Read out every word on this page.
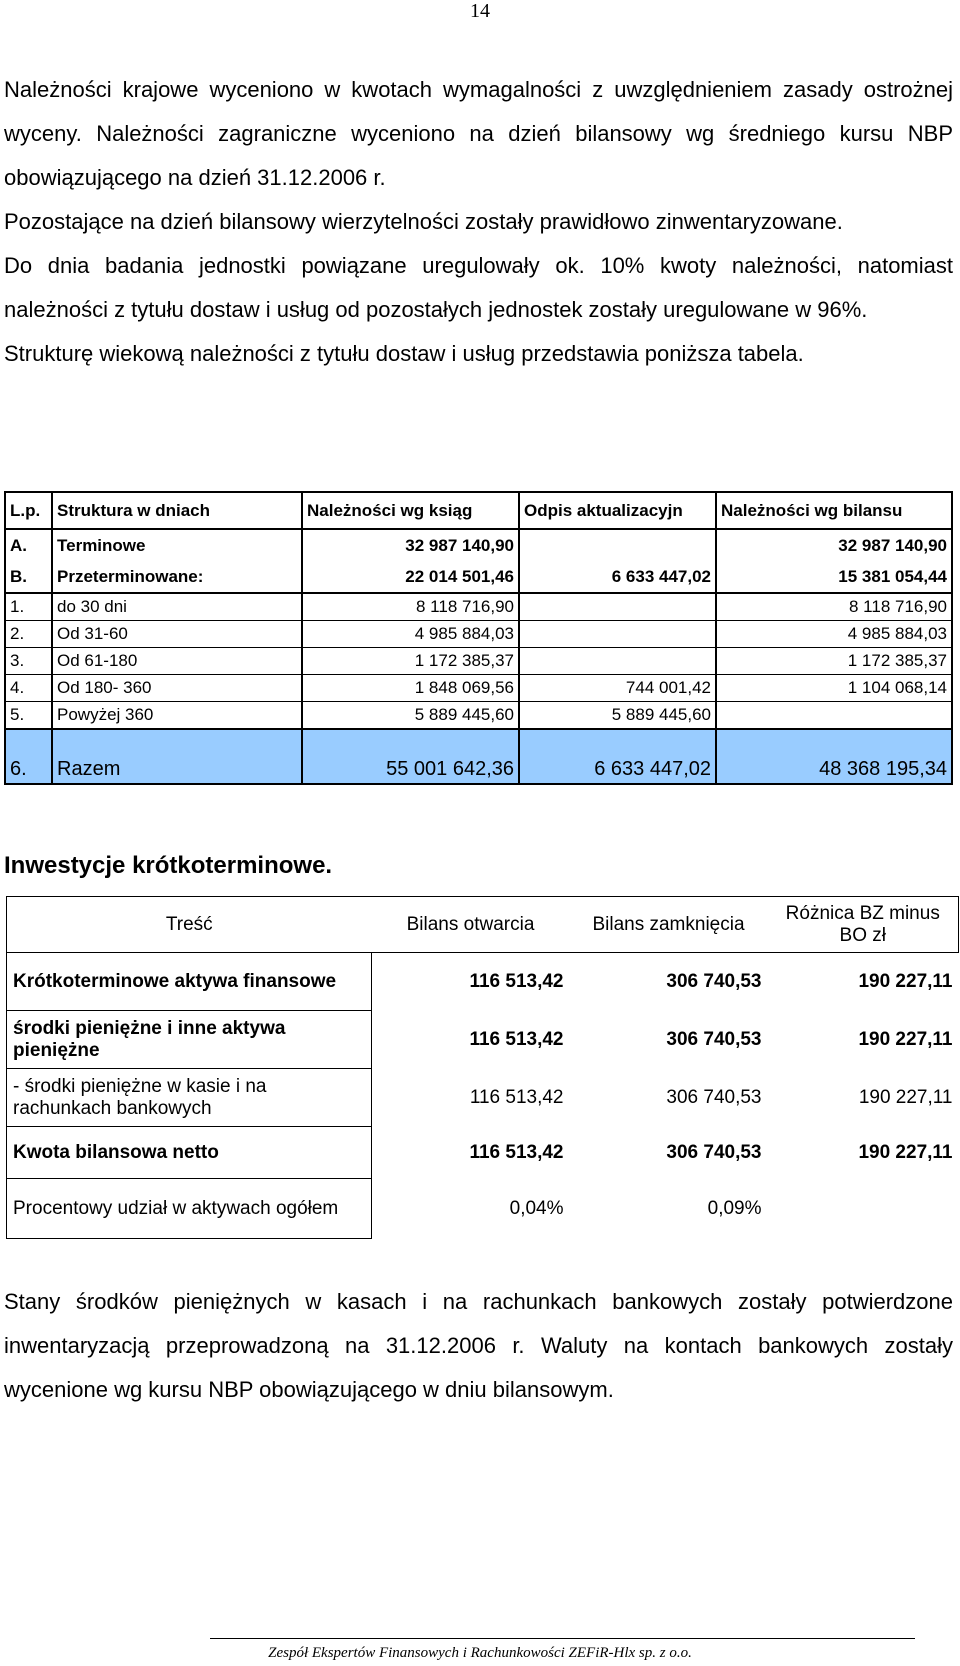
14

Należności krajowe wyceniono w kwotach wymagalności z uwzględnieniem zasady ostrożnej wyceny. Należności zagraniczne wyceniono na dzień bilansowy wg średniego kursu NBP obowiązującego na dzień 31.12.2006 r.

Pozostające na dzień bilansowy wierzytelności zostały prawidłowo zinwentaryzowane.

Do dnia badania jednostki powiązane uregulowały ok. 10% kwoty należności, natomiast należności z tytułu dostaw i usług od pozostałych jednostek zostały uregulowane w 96%.

Strukturę wiekową należności z tytułu dostaw i usług przedstawia poniższa tabela.

L.p.	Struktura w dniach	Należności wg ksiąg	Odpis aktualizacyjn	Należności wg bilansu
A.	Terminowe	32 987 140,90		32 987 140,90
B.	Przeterminowane:	22 014 501,46	6 633 447,02	15 381 054,44
1.	do 30 dni	8 118 716,90		8 118 716,90
2.	Od 31-60	4 985 884,03		4 985 884,03
3.	Od 61-180	1 172 385,37		1 172 385,37
4.	Od 180- 360	1 848 069,56	744 001,42	1 104 068,14
5.	Powyżej 360	5 889 445,60	5 889 445,60	
6.	Razem	55 001 642,36	6 633 447,02	48 368 195,34
Inwestycje krótkoterminowe.
Treść	Bilans otwarcia	Bilans zamknięcia	Różnica BZ minus BO zł
Krótkoterminowe aktywa finansowe	116 513,42	306 740,53	190 227,11
środki pieniężne i inne aktywa pieniężne	116 513,42	306 740,53	190 227,11
- środki pieniężne w kasie i na rachunkach bankowych	116 513,42	306 740,53	190 227,11
Kwota bilansowa netto	116 513,42	306 740,53	190 227,11
Procentowy udział w aktywach ogółem	0,04%	0,09%	
Stany środków pieniężnych w kasach i na rachunkach bankowych zostały potwierdzone inwentaryzacją przeprowadzoną na 31.12.2006 r. Waluty na kontach bankowych zostały wycenione wg kursu NBP obowiązującego w dniu bilansowym.
Zespół Ekspertów Finansowych i Rachunkowości ZEFiR-Hlx sp. z o.o.
